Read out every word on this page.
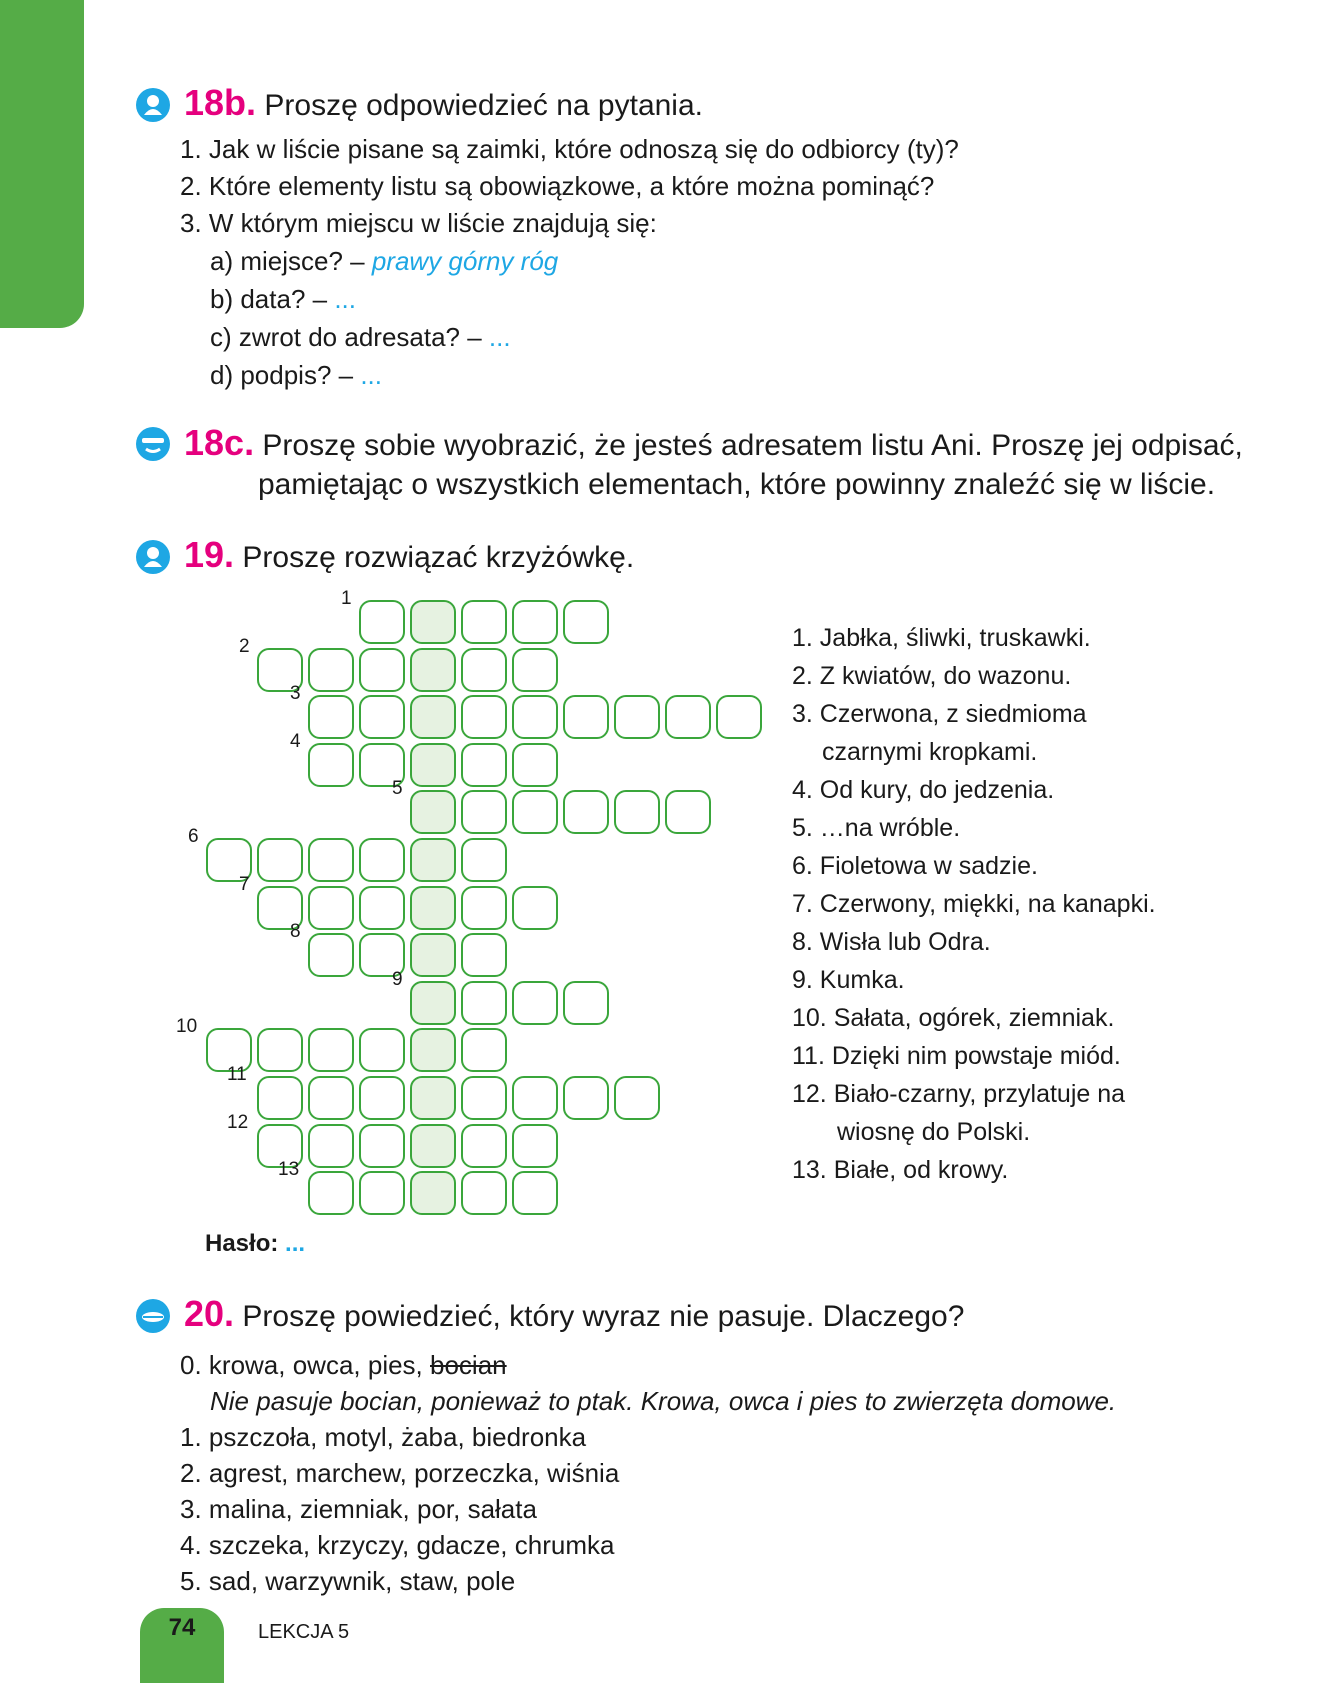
18b. Proszę odpowiedzieć na pytania.
1. Jak w liście pisane są zaimki, które odnoszą się do odbiorcy (ty)?
2. Które elementy listu są obowiązkowe, a które można pominąć?
3. W którym miejscu w liście znajdują się:
a) miejsce? – prawy górny róg
b) data? – ...
c) zwrot do adresata? – ...
d) podpis? – ...
18c. Proszę sobie wyobrazić, że jesteś adresatem listu Ani. Proszę jej odpisać,
pamiętając o wszystkich elementach, które powinny znaleźć się w liście.
19. Proszę rozwiązać krzyżówkę.
1
2
3
4
5
6
7
8
9
10
11
12
13
1. Jabłka, śliwki, truskawki.
2. Z kwiatów, do wazonu.
3. Czerwona, z siedmioma
czarnymi kropkami.
4. Od kury, do jedzenia.
5. …na wróble.
6. Fioletowa w sadzie.
7. Czerwony, miękki, na kanapki.
8. Wisła lub Odra.
9. Kumka.
10. Sałata, ogórek, ziemniak.
11. Dzięki nim powstaje miód.
12. Biało-czarny, przylatuje na
wiosnę do Polski.
13. Białe, od krowy.
Hasło: ...
20. Proszę powiedzieć, który wyraz nie pasuje. Dlaczego?
0. krowa, owca, pies, bocian
Nie pasuje bocian, ponieważ to ptak. Krowa, owca i pies to zwierzęta domowe.
1. pszczoła, motyl, żaba, biedronka
2. agrest, marchew, porzeczka, wiśnia
3. malina, ziemniak, por, sałata
4. szczeka, krzyczy, gdacze, chrumka
5. sad, warzywnik, staw, pole
74	LEKCJA 5
